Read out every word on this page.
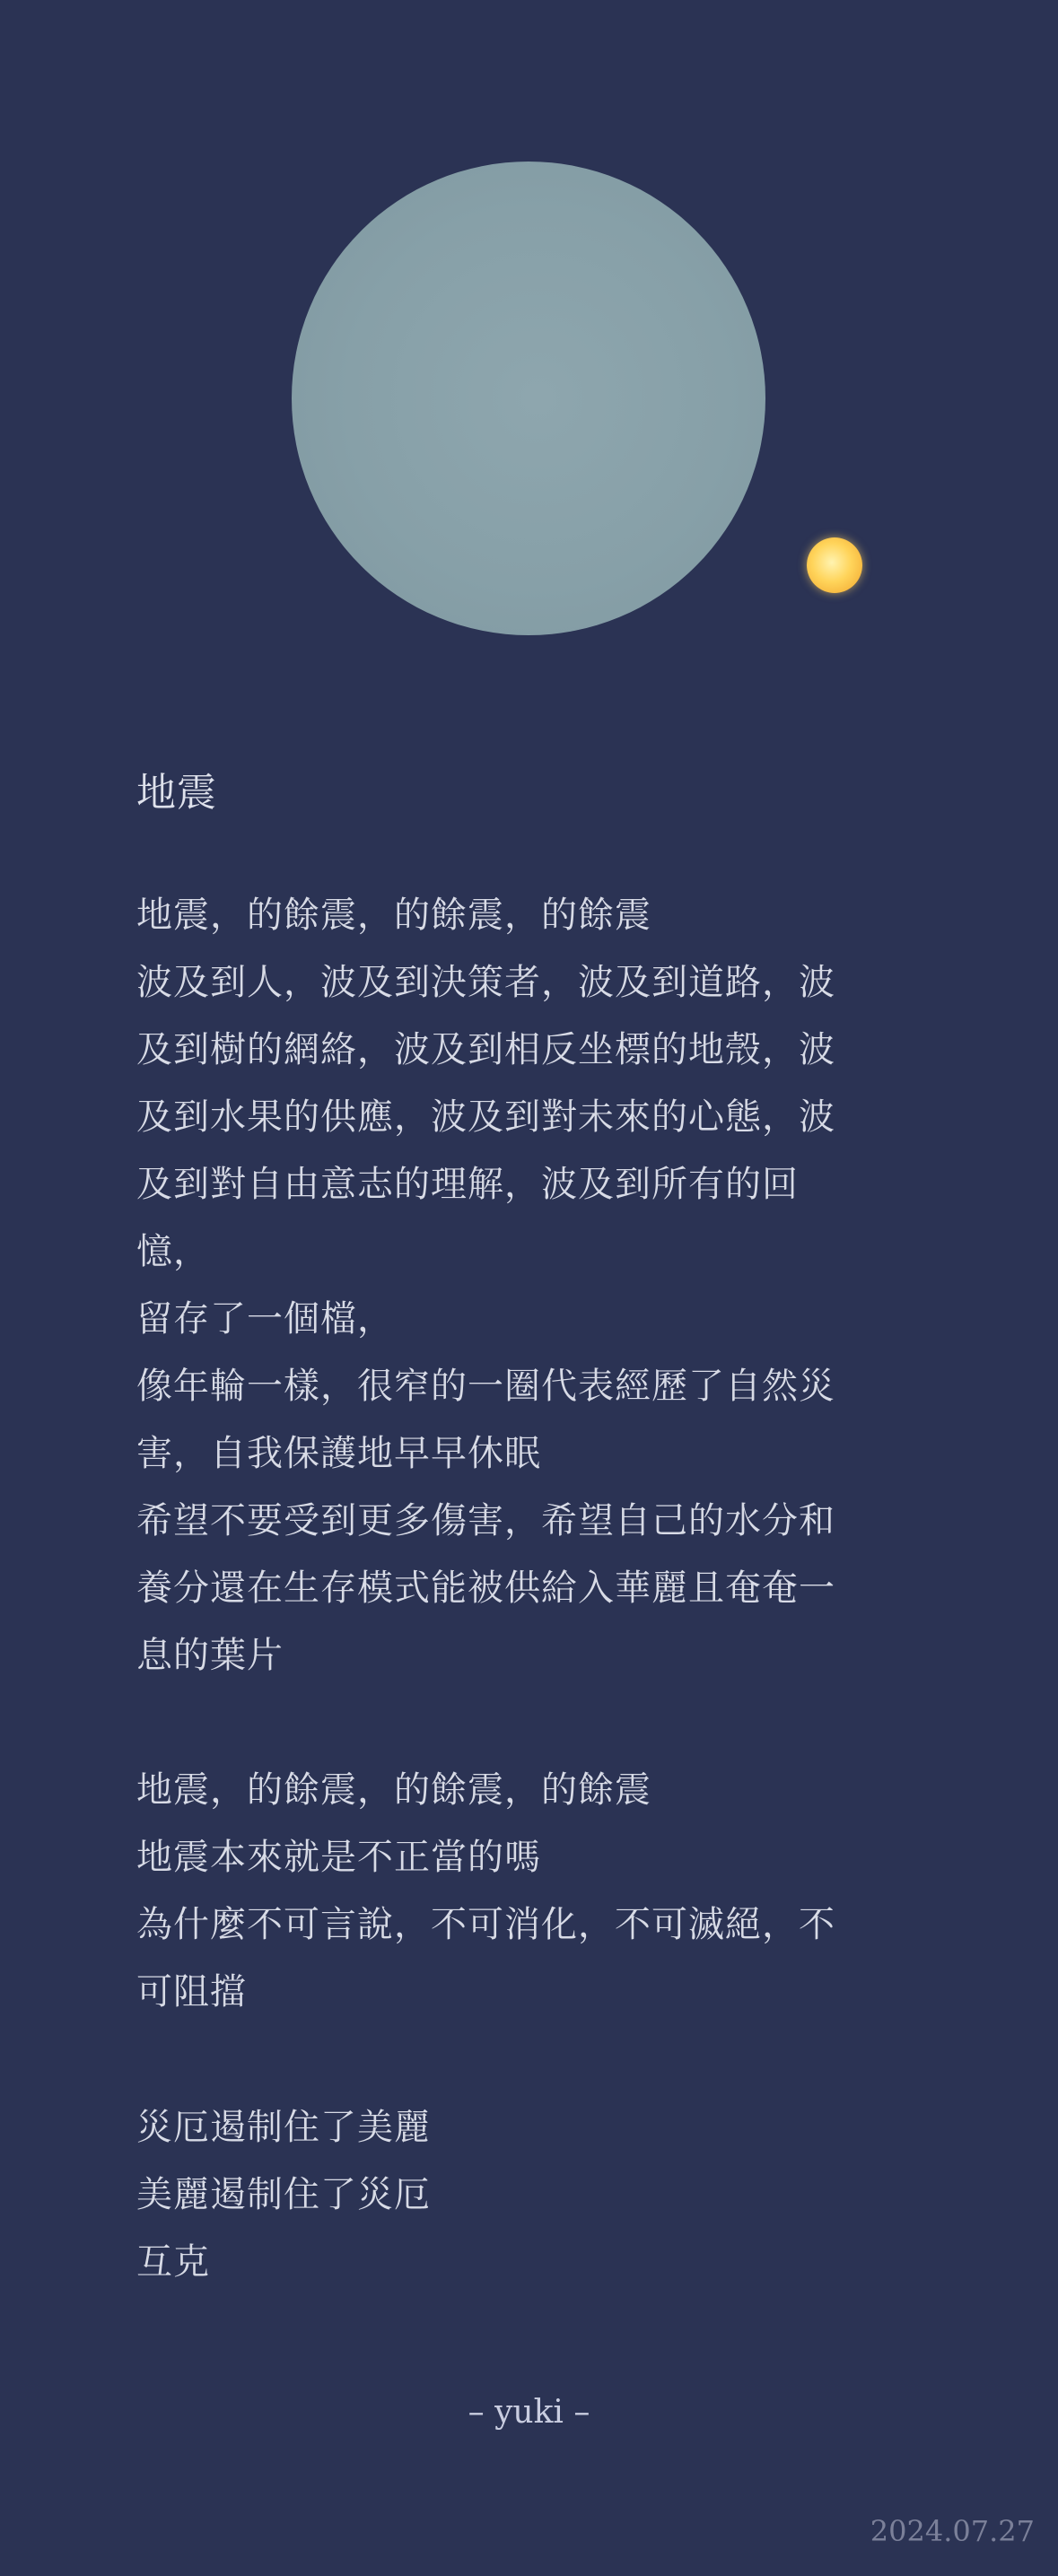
地震
地震，的餘震，的餘震，的餘震
波及到人，波及到決策者，波及到道路，波
及到樹的網絡，波及到相反坐標的地殼，波
及到水果的供應，波及到對未來的心態，波
及到對自由意志的理解，波及到所有的回
憶，
留存了一個檔，
像年輪一樣，很窄的一圈代表經歷了自然災
害，自我保護地早早休眠
希望不要受到更多傷害，希望自己的水分和
養分還在生存模式能被供給入華麗且奄奄一
息的葉片
地震，的餘震，的餘震，的餘震
地震本來就是不正當的嗎
為什麼不可言說，不可消化，不可滅絕，不
可阻擋
災厄遏制住了美麗
美麗遏制住了災厄
互克
– yuki –
2024.07.27
